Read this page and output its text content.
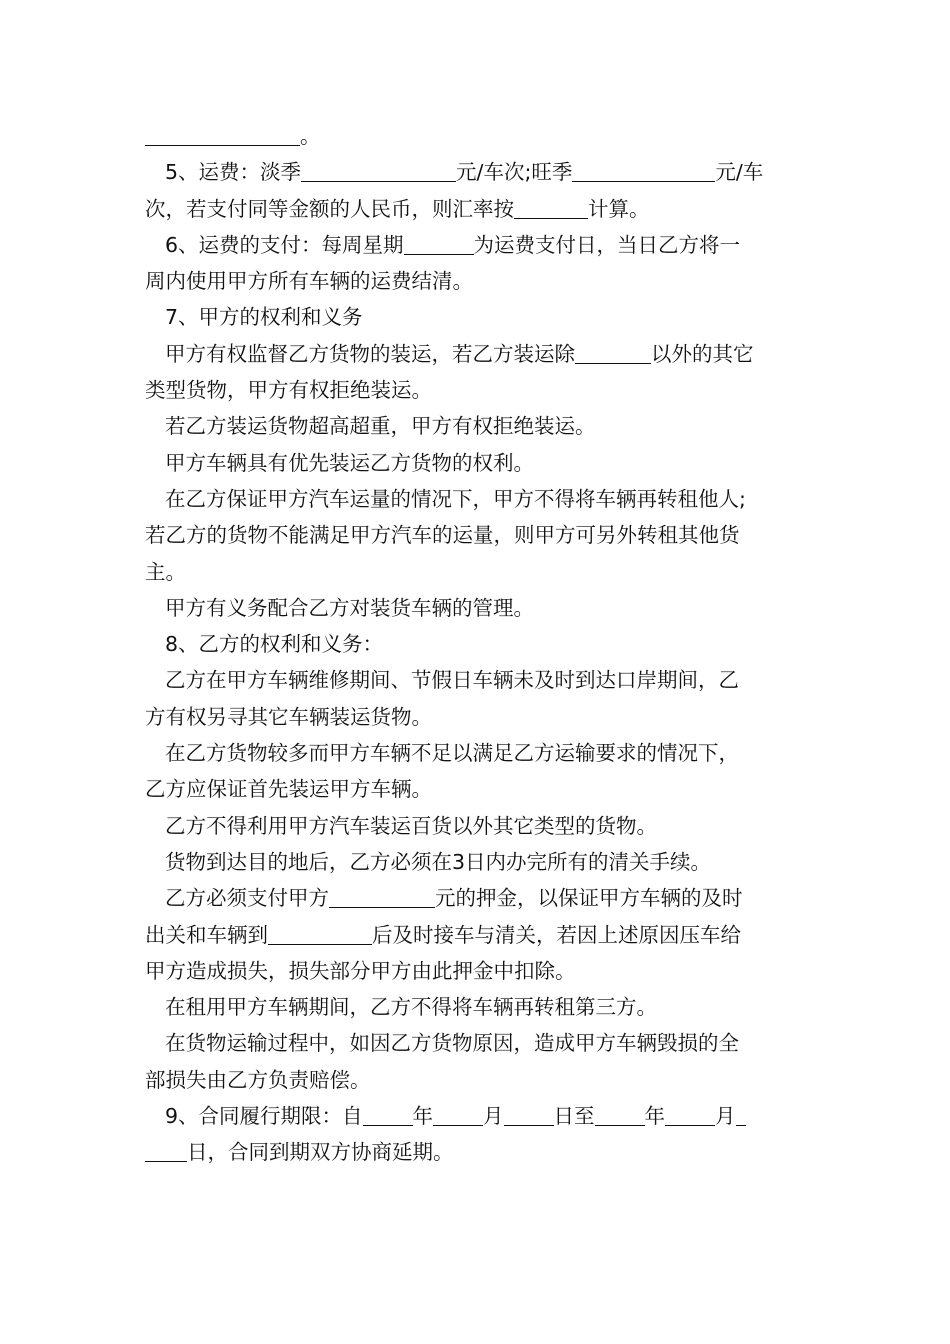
。
5、运费：淡季	元/车次;旺季	元/车
次，若支付同等金额的人民币，则汇率按	计算。
6、运费的支付：每周星期	为运费支付日，当日乙方将一
周内使用甲方所有车辆的运费结清。
7、甲方的权利和义务
甲方有权监督乙方货物的装运，若乙方装运除	以外的其它
类型货物，甲方有权拒绝装运。
若乙方装运货物超高超重，甲方有权拒绝装运。
甲方车辆具有优先装运乙方货物的权利。
在乙方保证甲方汽车运量的情况下，甲方不得将车辆再转租他人;
若乙方的货物不能满足甲方汽车的运量，则甲方可另外转租其他货
主。
甲方有义务配合乙方对装货车辆的管理。
8、乙方的权利和义务：
乙方在甲方车辆维修期间、节假日车辆未及时到达口岸期间，乙
方有权另寻其它车辆装运货物。
在乙方货物较多而甲方车辆不足以满足乙方运输要求的情况下，
乙方应保证首先装运甲方车辆。
乙方不得利用甲方汽车装运百货以外其它类型的货物。
货物到达目的地后，乙方必须在3日内办完所有的清关手续。
乙方必须支付甲方	元的押金，以保证甲方车辆的及时
出关和车辆到	后及时接车与清关，若因上述原因压车给
甲方造成损失，损失部分甲方由此押金中扣除。
在租用甲方车辆期间，乙方不得将车辆再转租第三方。
在货物运输过程中，如因乙方货物原因，造成甲方车辆毁损的全
部损失由乙方负责赔偿。
9、合同履行期限：自 年 月 日至 年 月
日，合同到期双方协商延期。
